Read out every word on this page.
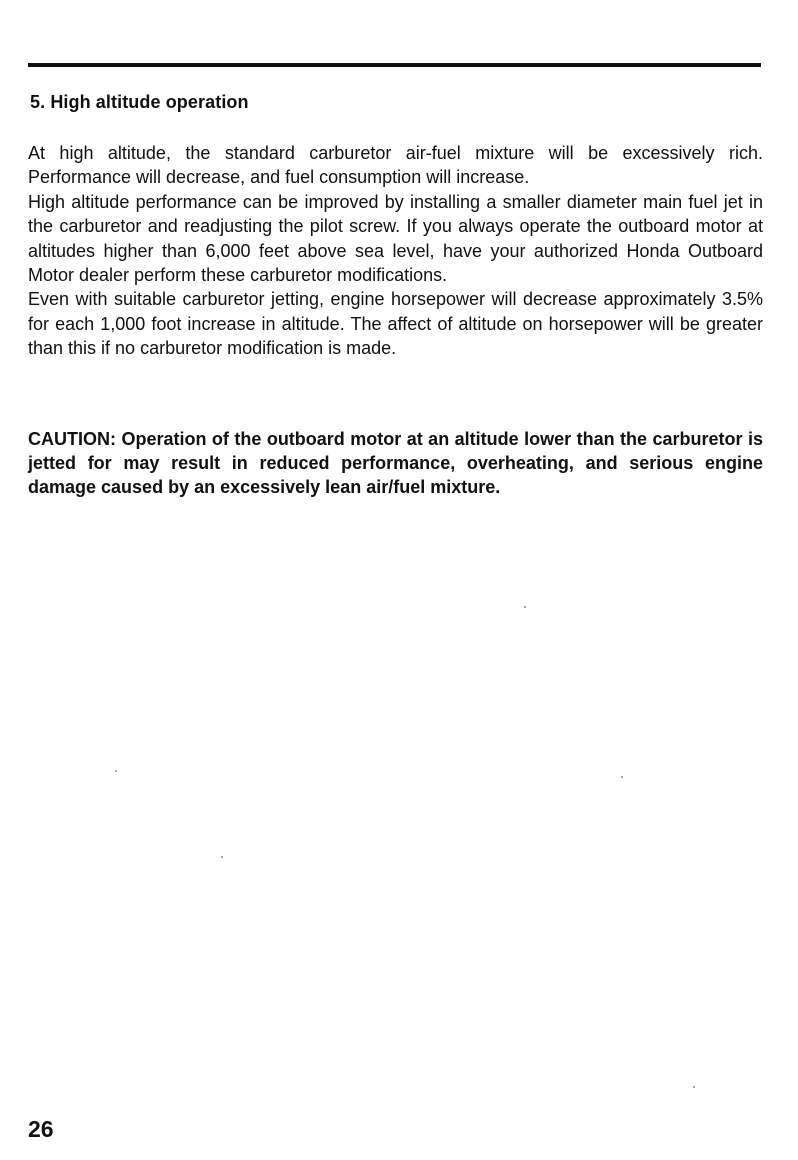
5. High altitude operation

At high altitude, the standard carburetor air-fuel mixture will be excessively rich. Performance will decrease, and fuel consumption will increase.

High altitude performance can be improved by installing a smaller diameter main fuel jet in the carburetor and readjusting the pilot screw. If you always operate the outboard motor at altitudes higher than 6,000 feet above sea level, have your authorized Honda Outboard Motor dealer perform these carburetor modifications.

Even with suitable carburetor jetting, engine horsepower will decrease approximately 3.5% for each 1,000 foot increase in altitude. The affect of altitude on horsepower will be greater than this if no carburetor modification is made.

CAUTION: Operation of the outboard motor at an altitude lower than the carburetor is jetted for may result in reduced performance, overheating, and serious engine damage caused by an excessively lean air/fuel mixture.

26
